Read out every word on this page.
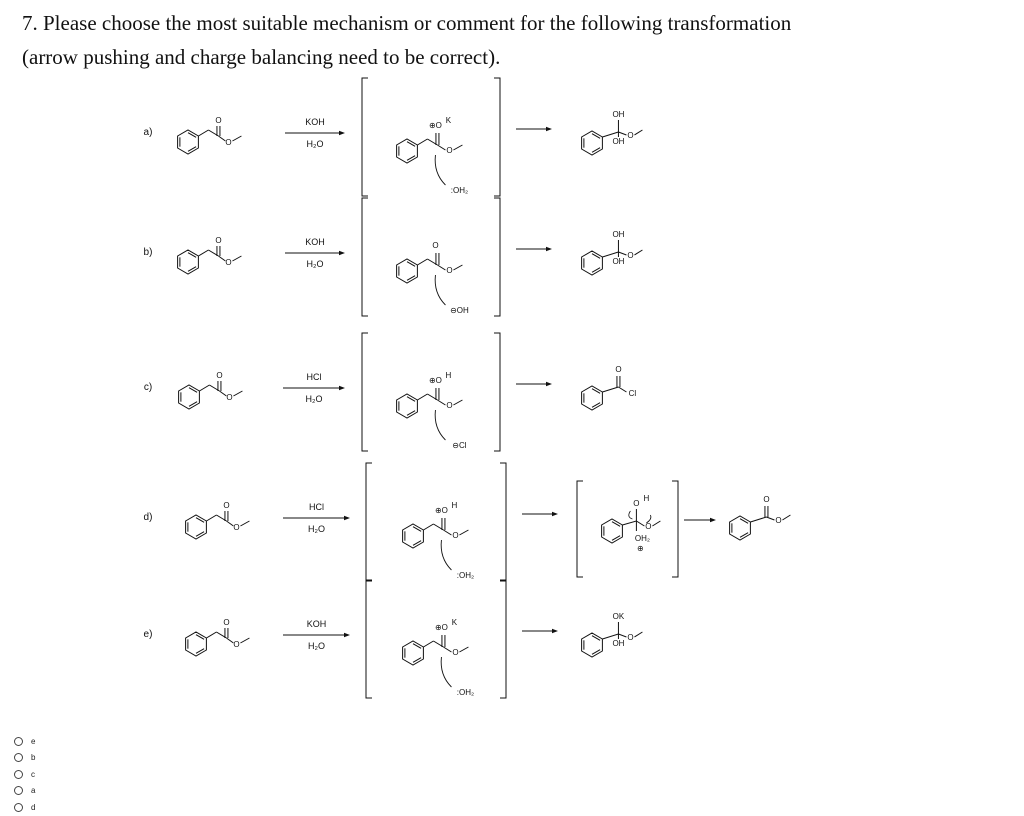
7. Please choose the most suitable mechanism or comment for the following transformation
(arrow pushing and charge balancing need to be correct).
a)
O
O
KOH
H₂O
⊕O
K
O
:OH₂
OH
O
OH
b)
O
O
KOH
H₂O
O
O
⊖OH
OH
O
OH
c)
O
O
HCl
H₂O
⊕O
H
O
⊖Cl
O
Cl
d)
O
O
HCl
H₂O
⊕O
H
O
:OH₂
O
H
O
OH₂
⊕
O
O
e)
O
O
KOH
H₂O
⊕O
K
O
:OH₂
OK
O
OH
e
b
c
a
d
